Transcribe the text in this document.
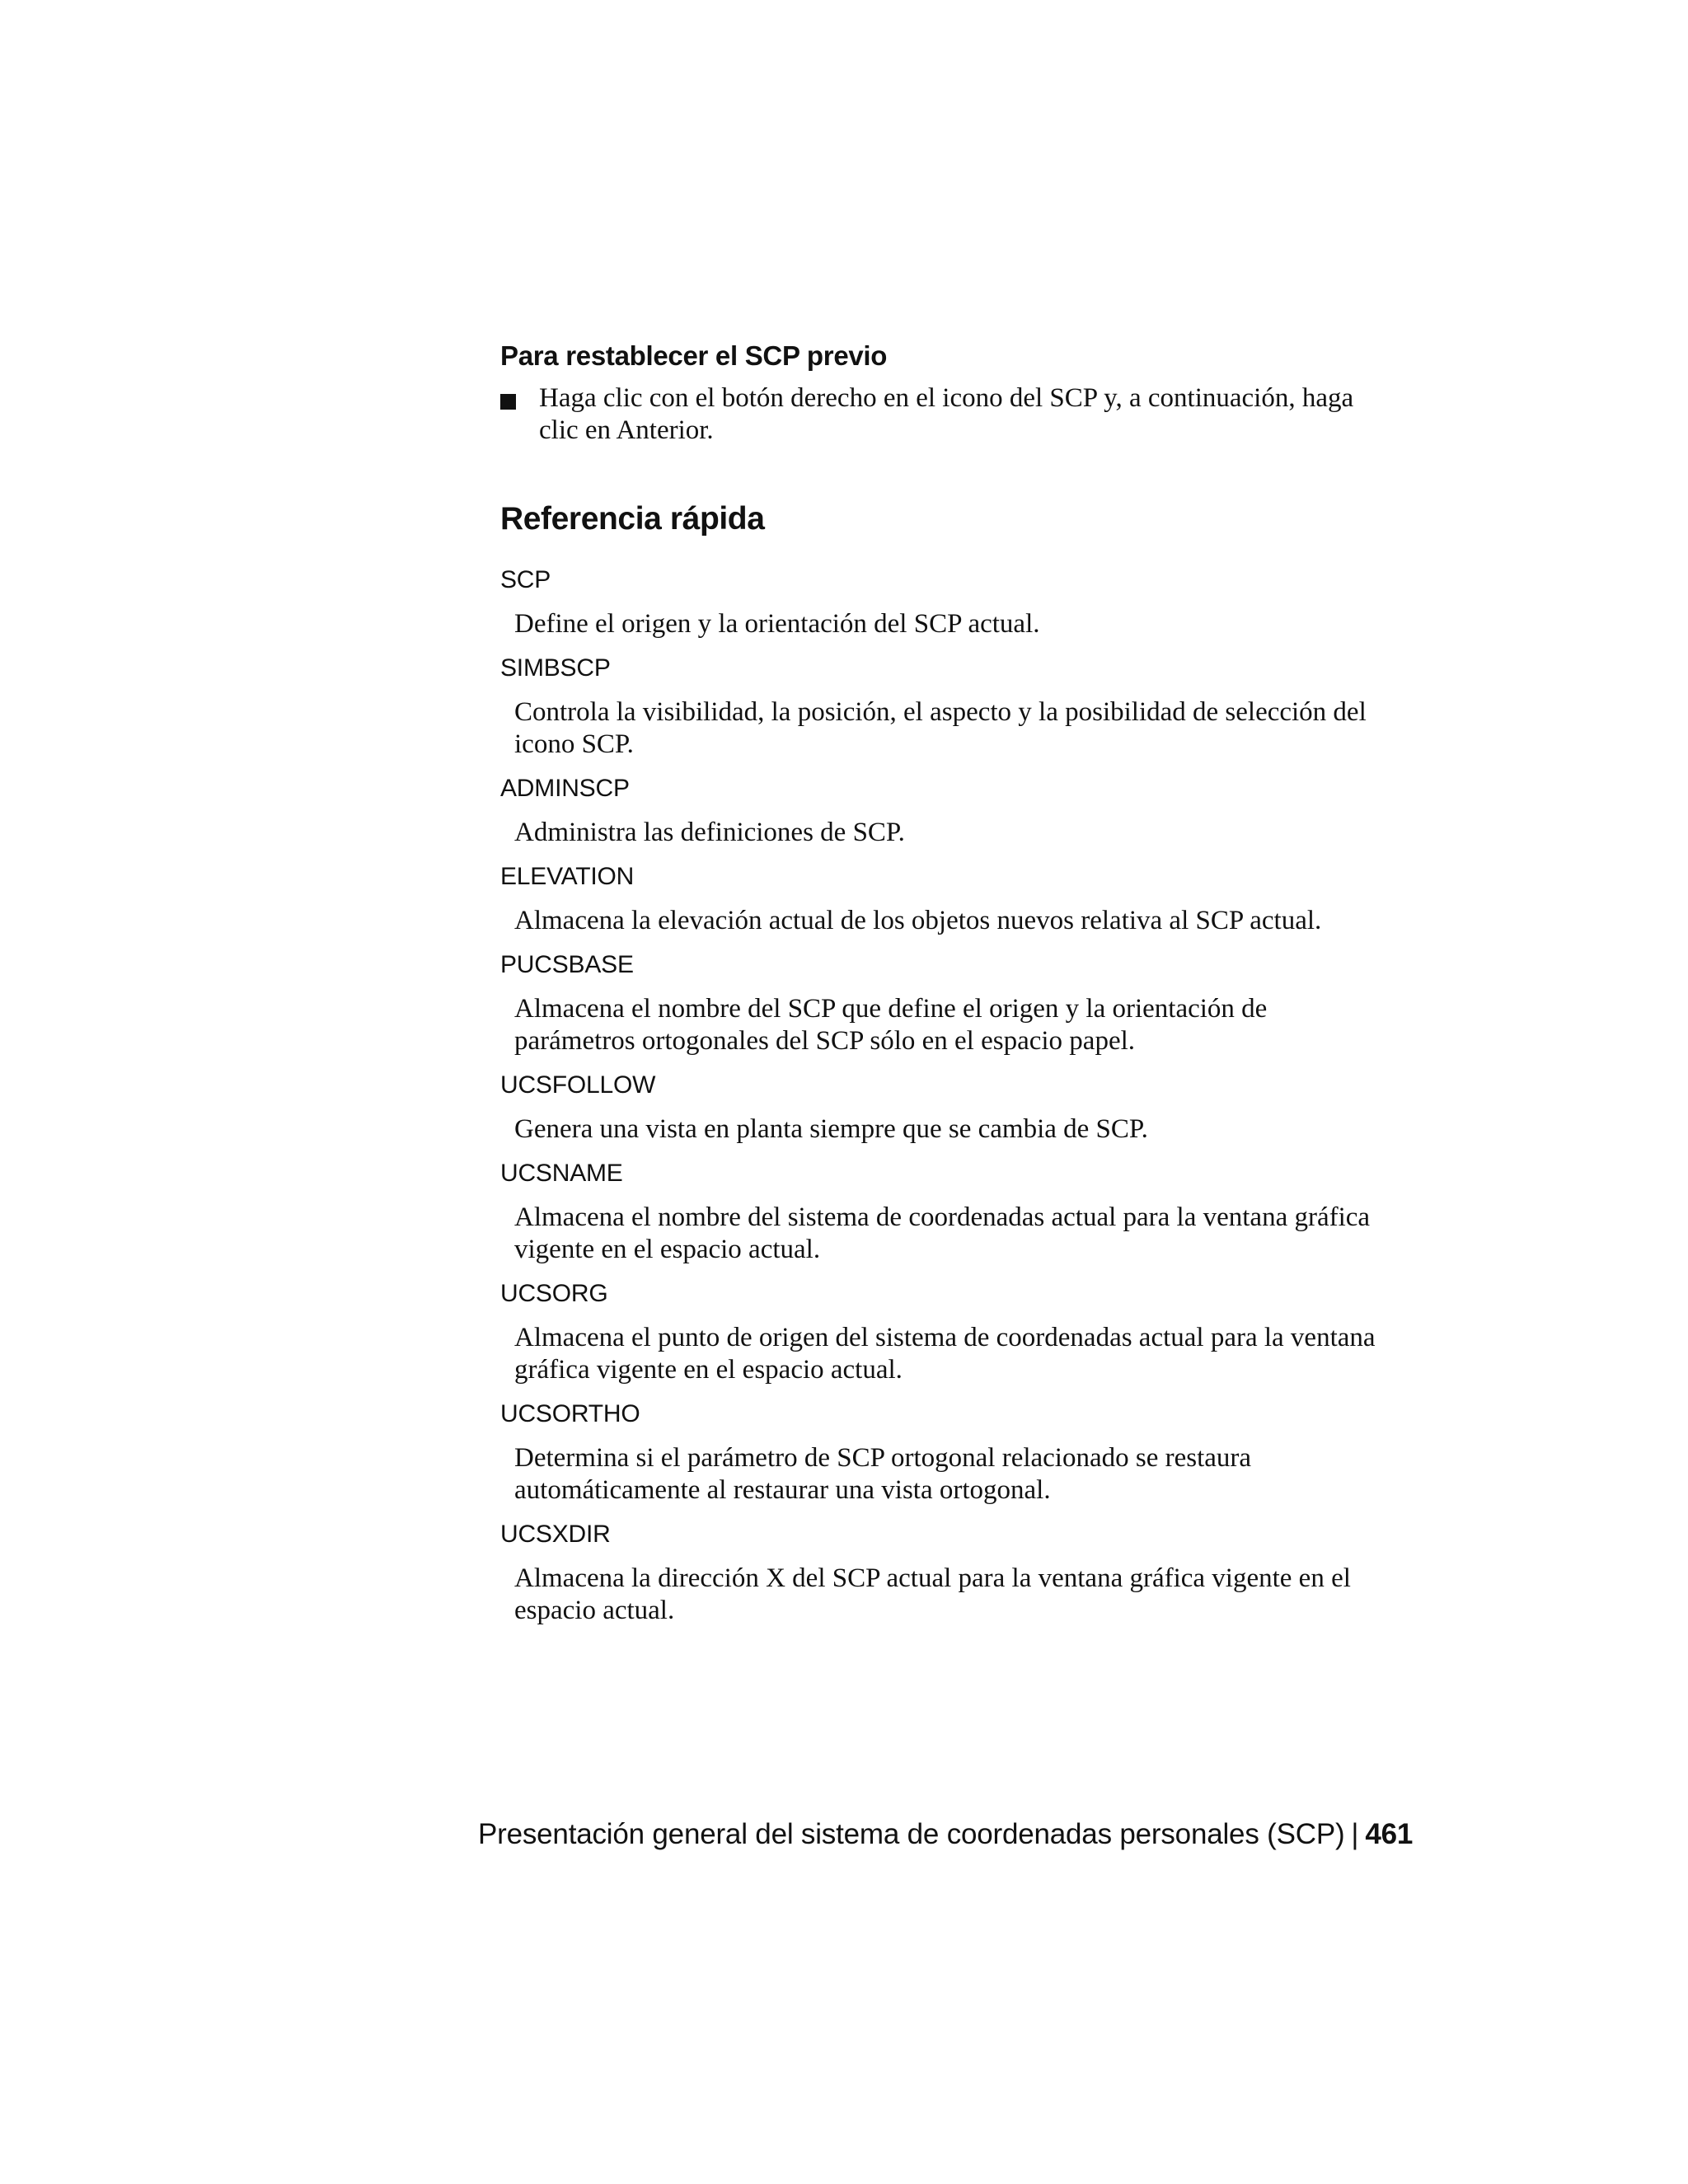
Para restablecer el SCP previo
Haga clic con el botón derecho en el icono del SCP y, a continuación, haga clic en Anterior.
Referencia rápida
SCP
Define el origen y la orientación del SCP actual.
SIMBSCP
Controla la visibilidad, la posición, el aspecto y la posibilidad de selección del icono SCP.
ADMINSCP
Administra las definiciones de SCP.
ELEVATION
Almacena la elevación actual de los objetos nuevos relativa al SCP actual.
PUCSBASE
Almacena el nombre del SCP que define el origen y la orientación de parámetros ortogonales del SCP sólo en el espacio papel.
UCSFOLLOW
Genera una vista en planta siempre que se cambia de SCP.
UCSNAME
Almacena el nombre del sistema de coordenadas actual para la ventana gráfica vigente en el espacio actual.
UCSORG
Almacena el punto de origen del sistema de coordenadas actual para la ventana gráfica vigente en el espacio actual.
UCSORTHO
Determina si el parámetro de SCP ortogonal relacionado se restaura automáticamente al restaurar una vista ortogonal.
UCSXDIR
Almacena la dirección X del SCP actual para la ventana gráfica vigente en el espacio actual.
Presentación general del sistema de coordenadas personales (SCP) | 461
